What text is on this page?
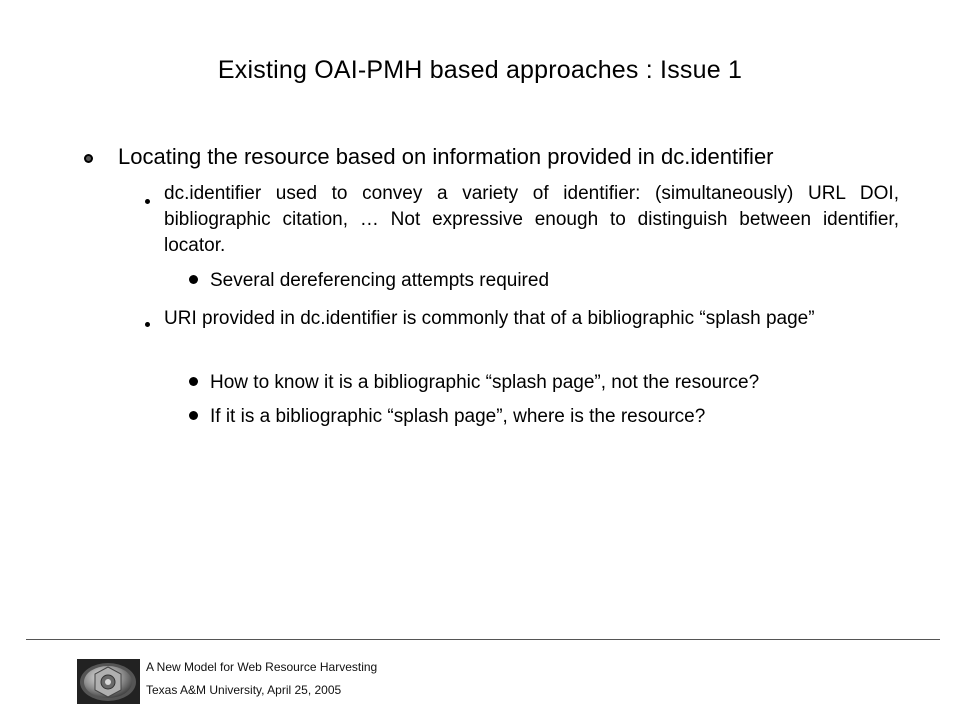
Existing OAI-PMH based approaches : Issue 1
Locating the resource based on information provided in dc.identifier
dc.identifier used to convey a variety of identifier: (simultaneously) URL DOI, bibliographic citation, … Not expressive enough to distinguish between identifier, locator.
Several dereferencing attempts required
URI provided in dc.identifier is commonly that of a bibliographic “splash page”
How to know it is a bibliographic “splash page”, not the resource?
If it is a bibliographic “splash page”, where is the resource?
A New Model for Web Resource Harvesting
Texas A&M University, April 25, 2005
